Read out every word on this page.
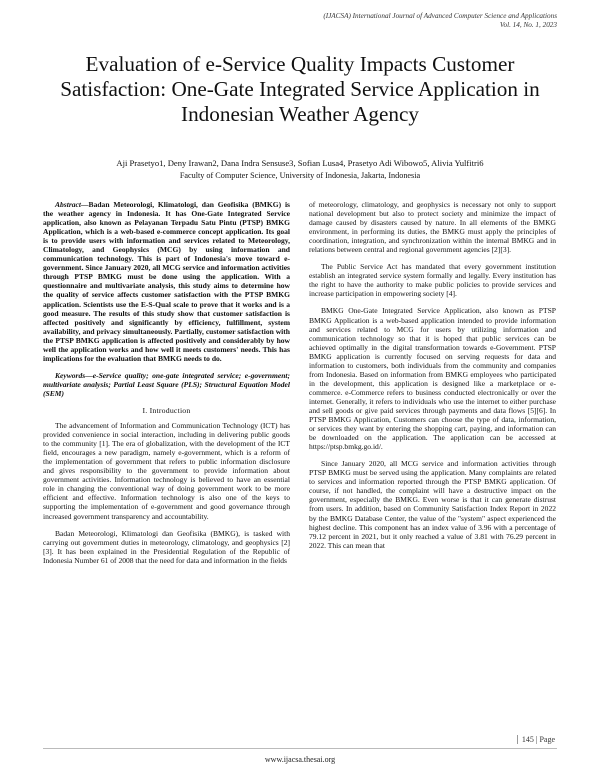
(IJACSA) International Journal of Advanced Computer Science and Applications
Vol. 14, No. 1, 2023
Evaluation of e-Service Quality Impacts Customer Satisfaction: One-Gate Integrated Service Application in Indonesian Weather Agency
Aji Prasetyo1, Deny Irawan2, Dana Indra Sensuse3, Sofian Lusa4, Prasetyo Adi Wibowo5, Alivia Yulfitri6
Faculty of Computer Science, University of Indonesia, Jakarta, Indonesia

Abstract—Badan Meteorologi, Klimatologi, dan Geofisika (BMKG) is the weather agency in Indonesia. It has One-Gate Integrated Service application, also known as Pelayanan Terpadu Satu Pintu (PTSP) BMKG Application, which is a web-based e-commerce concept application. Its goal is to provide users with information and services related to Meteorology, Climatology, and Geophysics (MCG) by using information and communication technology. This is part of Indonesia's move toward e-government. Since January 2020, all MCG service and information activities through PTSP BMKG must be done using the application. With a questionnaire and multivariate analysis, this study aims to determine how the quality of service affects customer satisfaction with the PTSP BMKG application. Scientists use the E-S-Qual scale to prove that it works and is a good measure. The results of this study show that customer satisfaction is affected positively and significantly by efficiency, fulfillment, system availability, and privacy simultaneously. Partially, customer satisfaction with the PTSP BMKG application is affected positively and considerably by how well the application works and how well it meets customers' needs. This has implications for the evaluation that BMKG needs to do.

Keywords—e-Service quality; one-gate integrated service; e-government; multivariate analysis; Partial Least Square (PLS); Structural Equation Model (SEM)

I. Introduction

The advancement of Information and Communication Technology (ICT) has provided convenience in social interaction, including in delivering public goods to the community [1]. The era of globalization, with the development of the ICT field, encourages a new paradigm, namely e-government, which is a reform of the implementation of government that refers to public information disclosure and gives responsibility to the government to provide information about government activities. Information technology is believed to have an essential role in changing the conventional way of doing government work to be more efficient and effective. Information technology is also one of the keys to supporting the implementation of e-government and good governance through increased government transparency and accountability.

Badan Meteorologi, Klimatologi dan Geofisika (BMKG), is tasked with carrying out government duties in meteorology, climatology, and geophysics [2][3]. It has been explained in the Presidential Regulation of the Republic of Indonesia Number 61 of 2008 that the need for data and information in the fields

of meteorology, climatology, and geophysics is necessary not only to support national development but also to protect society and minimize the impact of damage caused by disasters caused by nature. In all elements of the BMKG environment, in performing its duties, the BMKG must apply the principles of coordination, integration, and synchronization within the internal BMKG and in relations between central and regional government agencies [2][3].

The Public Service Act has mandated that every government institution establish an integrated service system formally and legally. Every institution has the right to have the authority to make public policies to provide services and increase participation in empowering society [4].

BMKG One-Gate Integrated Service Application, also known as PTSP BMKG Application is a web-based application intended to provide information and services related to MCG for users by utilizing information and communication technology so that it is hoped that public services can be achieved optimally in the digital transformation towards e-Government. PTSP BMKG application is currently focused on serving requests for data and information to customers, both individuals from the community and companies from Indonesia. Based on information from BMKG employees who participated in the development, this application is designed like a marketplace or e-commerce. e-Commerce refers to business conducted electronically or over the internet. Generally, it refers to individuals who use the internet to either purchase and sell goods or give paid services through payments and data flows [5][6]. In PTSP BMKG Application, Customers can choose the type of data, information, or services they want by entering the shopping cart, paying, and information can be downloaded on the application. The application can be accessed at https://ptsp.bmkg.go.id/.

Since January 2020, all MCG service and information activities through PTSP BMKG must be served using the application. Many complaints are related to services and information reported through the PTSP BMKG application. Of course, if not handled, the complaint will have a destructive impact on the government, especially the BMKG. Even worse is that it can generate distrust from users. In addition, based on Community Satisfaction Index Report in 2022 by the BMKG Database Center, the value of the "system" aspect experienced the highest decline. This component has an index value of 3.96 with a percentage of 79.12 percent in 2021, but it only reached a value of 3.81 with 76.29 percent in 2022. This can mean that

145 | Page
www.ijacsa.thesai.org
